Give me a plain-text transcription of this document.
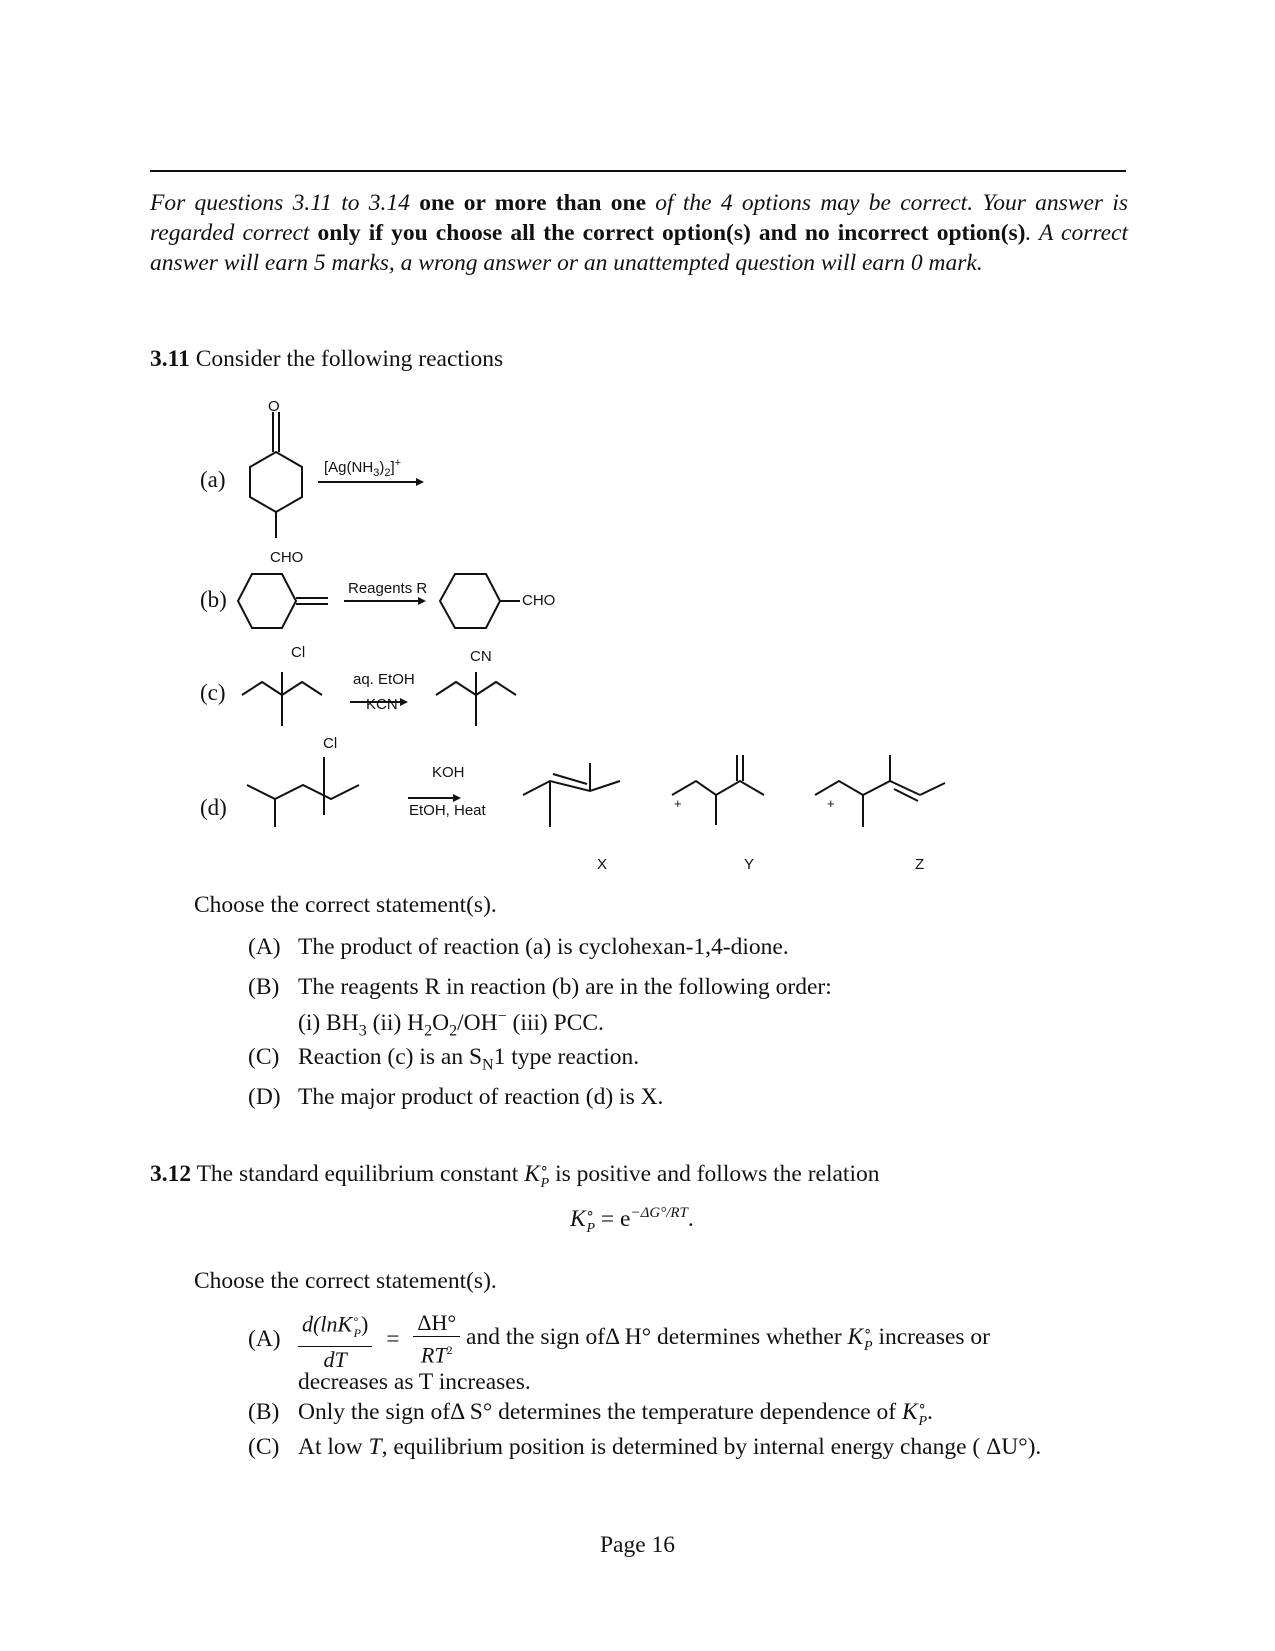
For questions 3.11 to 3.14 one or more than one of the 4 options may be correct. Your answer is regarded correct only if you choose all the correct option(s) and no incorrect option(s). A correct answer will earn 5 marks, a wrong answer or an unattempted question will earn 0 mark.
3.11 Consider the following reactions
(a)
O
CHO
$[Ag(NH_3)_2]^+$
(b)	Reagents R
CHO
(c)
Cl
aq. EtOH
KCN
CN
(d)
Cl
KOH
EtOH, Heat	+	+
X	Y	Z
Choose the correct statement(s).
(A) The product of reaction (a) is cyclohexan-1,4-dione.
(B) The reagents R in reaction (b) are in the following order:
(i) $BH_3$ (ii) $H_2O_2/OH^-$ (iii) PCC.
(C) Reaction (c) is an $S_N1$ type reaction.
(D) The major product of reaction (d) is X.
3.12 The standard equilibrium constant $K^\circ_P$ is positive and follows the relation
$K^\circ_P = e^{-\Delta G^\circ/RT}$.
Choose the correct statement(s).
$(A) \frac{d(\ln K^\circ_P)}{dT} = \frac{\Delta H^\circ}{RT^2}$ and the sign ofΔ H° determines whether $K^\circ_P$ increases or
decreases as T increases.
(B) Only the sign ofΔ S° determines the temperature dependence of $K^\circ_P$.
(C) At low T, equilibrium position is determined by internal energy change ( ΔU°).
Page 16
